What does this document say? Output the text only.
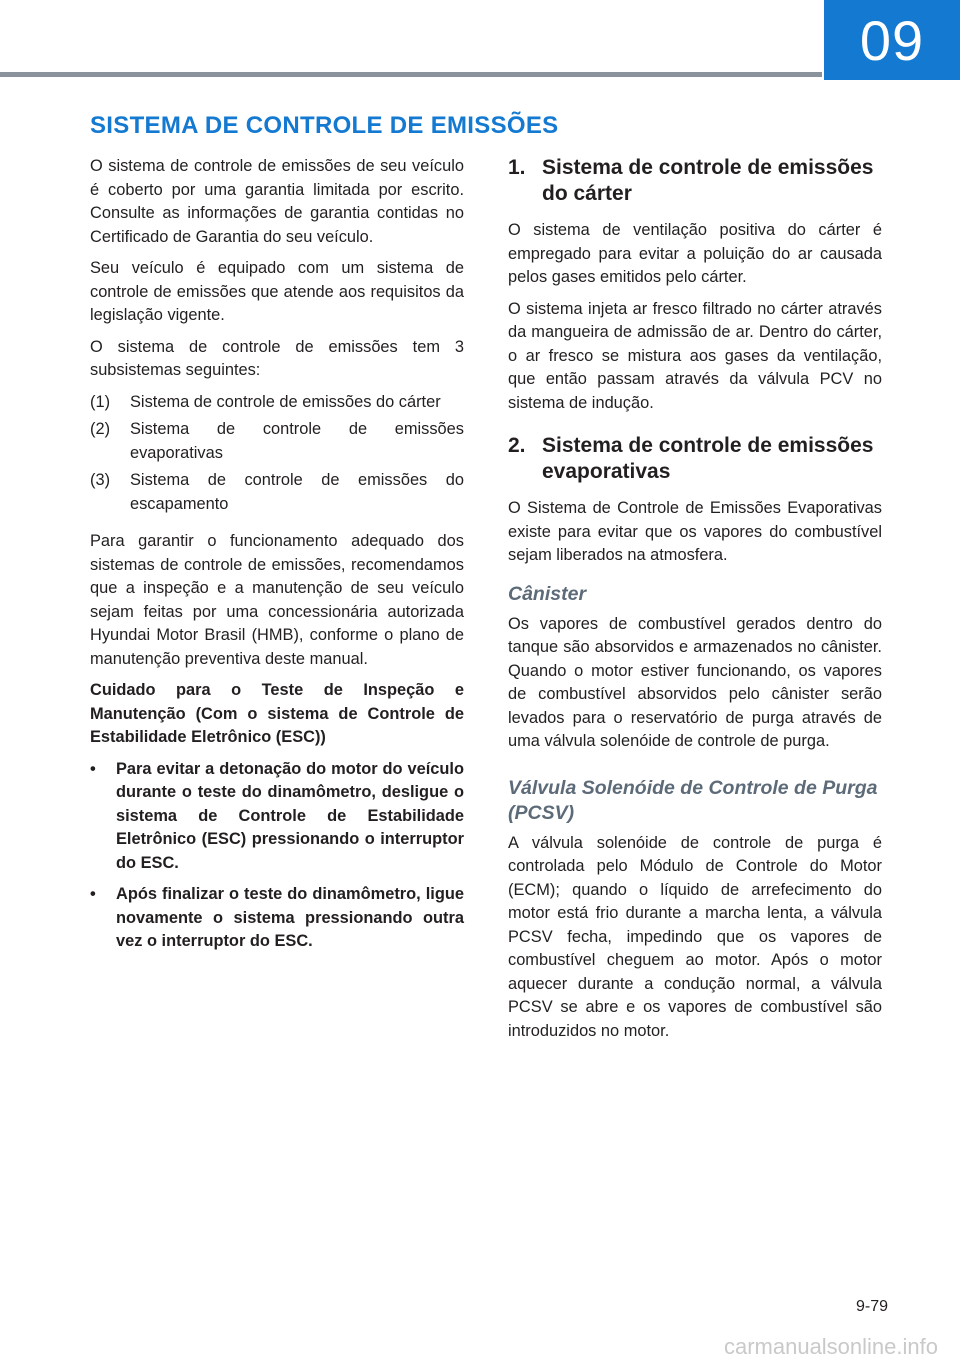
09
SISTEMA DE CONTROLE DE EMISSÕES

O sistema de controle de emissões de seu veículo é coberto por uma garantia limitada por escrito. Consulte as informações de garantia contidas no Certificado de Garantia do seu veículo.

Seu veículo é equipado com um sistema de controle de emissões que atende aos requisitos da legislação vigente.

O sistema de controle de emissões tem 3 subsistemas seguintes:

(1)	Sistema de controle de emissões do cárter
(2)	Sistema de controle de emissões evaporativas
(3)	Sistema de controle de emissões do escapamento

Para garantir o funcionamento adequado dos sistemas de controle de emissões, recomendamos que a inspeção e a manutenção de seu veículo sejam feitas por uma concessionária autorizada Hyundai Motor Brasil (HMB), conforme o plano de manutenção preventiva deste manual.

Cuidado para o Teste de Inspeção e Manutenção (Com o sistema de Controle de Estabilidade Eletrônico (ESC))

•	Para evitar a detonação do motor do veículo durante o teste do dinamômetro, desligue o sistema de Controle de Estabilidade Eletrônico (ESC) pressionando o interruptor do ESC.
•	Após finalizar o teste do dinamômetro, ligue novamente o sistema pressionando outra vez o interruptor do ESC.
1. Sistema de controle de emissões do cárter

O sistema de ventilação positiva do cárter é empregado para evitar a poluição do ar causada pelos gases emitidos pelo cárter.

O sistema injeta ar fresco filtrado no cárter através da mangueira de admissão de ar. Dentro do cárter, o ar fresco se mistura aos gases da ventilação, que então passam através da válvula PCV no sistema de indução.

2. Sistema de controle de emissões evaporativas

O Sistema de Controle de Emissões Evaporativas existe para evitar que os vapores do combustível sejam liberados na atmosfera.

Cânister

Os vapores de combustível gerados dentro do tanque são absorvidos e armazenados no cânister. Quando o motor estiver funcionando, os vapores de combustível absorvidos pelo cânister serão levados para o reservatório de purga através de uma válvula solenóide de controle de purga.

Válvula Solenóide de Controle de Purga (PCSV)

A válvula solenóide de controle de purga é controlada pelo Módulo de Controle do Motor (ECM); quando o líquido de arrefecimento do motor está frio durante a marcha lenta, a válvula PCSV fecha, impedindo que os vapores de combustível cheguem ao motor. Após o motor aquecer durante a condução normal, a válvula PCSV se abre e os vapores de combustível são introduzidos no motor.

9-79
carmanualsonline.info
